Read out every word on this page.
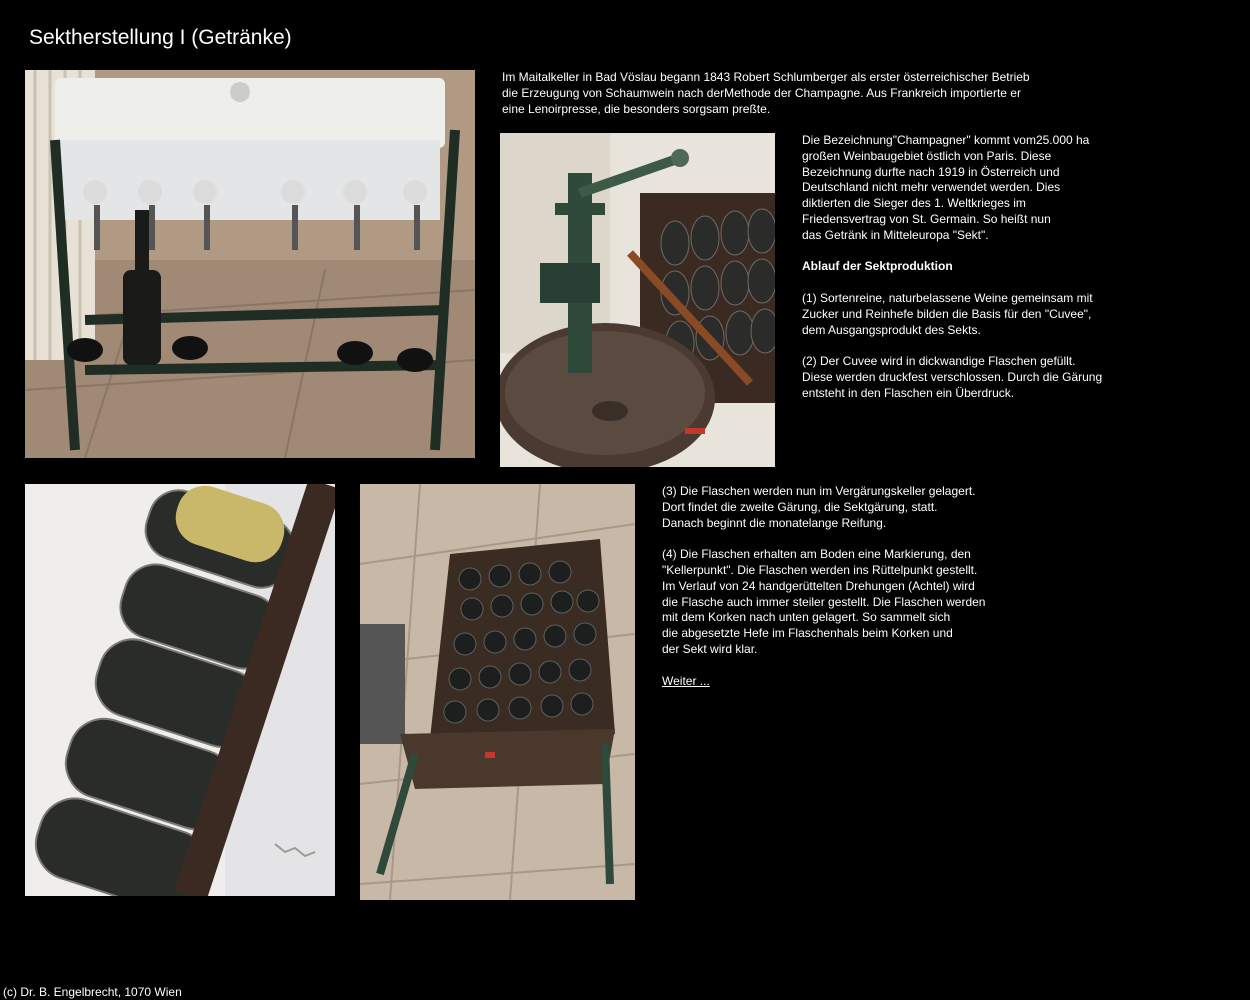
Sektherstellung I (Getränke)

Im Maitalkeller in Bad Vöslau begann 1843 Robert Schlumberger als erster österreichischer Betrieb

die Erzeugung von Schaumwein nach derMethode der Champagne. Aus Frankreich importierte er

eine Lenoirpresse, die besonders sorgsam preßte.

Die Bezeichnung"Champagner" kommt vom25.000 ha

großen Weinbaugebiet östlich von Paris. Diese

Bezeichnung durfte nach 1919 in Österreich und

Deutschland nicht mehr verwendet werden. Dies

diktierten die Sieger des 1. Weltkrieges im

Friedensvertrag von St. Germain. So heißt nun

das Getränk in Mitteleuropa "Sekt".

Ablauf der Sektproduktion

(1) Sortenreine, naturbelassene Weine gemeinsam mit

Zucker und Reinhefe bilden die Basis für den "Cuvee",

dem Ausgangsprodukt des Sekts.

(2) Der Cuvee wird in dickwandige Flaschen gefüllt.

Diese werden druckfest verschlossen. Durch die Gärung

entsteht in den Flaschen ein Überdruck.

(3) Die Flaschen werden nun im Vergärungskeller gelagert.

Dort findet die zweite Gärung, die Sektgärung, statt.

Danach beginnt die monatelange Reifung.

(4) Die Flaschen erhalten am Boden eine Markierung, den

"Kellerpunkt". Die Flaschen werden ins Rüttelpunkt gestellt.

Im Verlauf von 24 handgerüttelten Drehungen (Achtel) wird

die Flasche auch immer steiler gestellt. Die Flaschen werden

mit dem Korken nach unten gelagert. So sammelt sich

die abgesetzte Hefe im Flaschenhals beim Korken und

der Sekt wird klar.

Weiter ...

(c) Dr. B. Engelbrecht, 1070 Wien
